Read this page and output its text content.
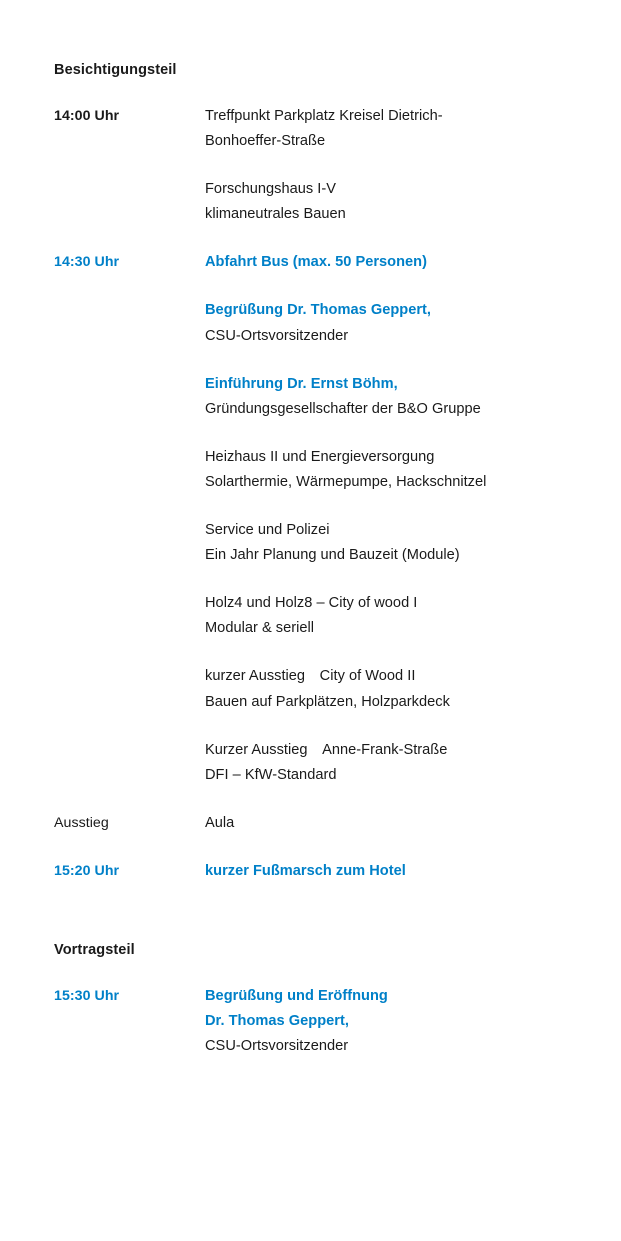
Besichtigungsteil
14:00 Uhr	Treffpunkt Parkplatz Kreisel Dietrich-
Bonhoeffer-Straße
Forschungshaus I-V
klimaneutrales Bauen
14:30 Uhr	Abfahrt Bus (max. 50 Personen)
Begrüßung Dr. Thomas Geppert,
CSU-Ortsvorsitzender
Einführung Dr. Ernst Böhm,
Gründungsgesellschafter der B&O Gruppe
Heizhaus II und Energieversorgung
Solarthermie, Wärmepumpe, Hackschnitzel
Service und Polizei
Ein Jahr Planung und Bauzeit (Module)
Holz4 und Holz8 – City of wood I
Modular & seriell
kurzer Ausstieg City of Wood II
Bauen auf Parkplätzen, Holzparkdeck
Kurzer Ausstieg Anne-Frank-Straße
DFI – KfW-Standard
Ausstieg	Aula
15:20 Uhr	kurzer Fußmarsch zum Hotel
Vortragsteil
15:30 Uhr	Begrüßung und Eröffnung
Dr. Thomas Geppert,
CSU-Ortsvorsitzender
